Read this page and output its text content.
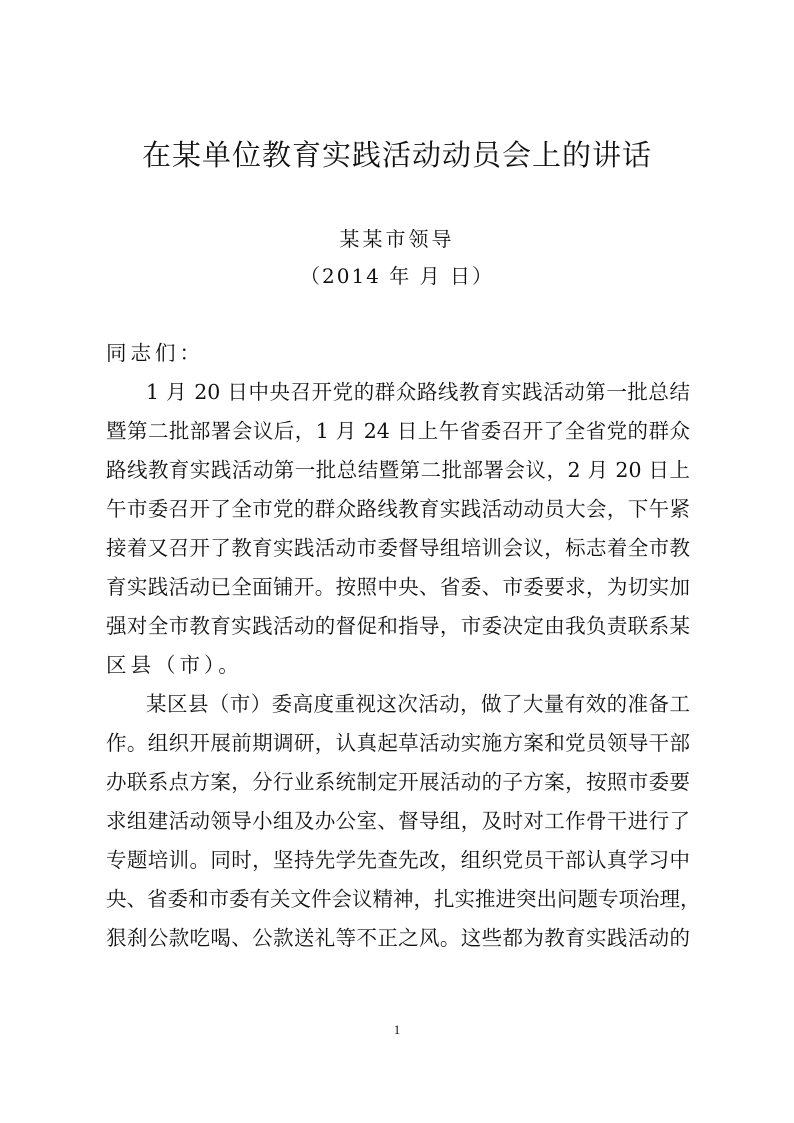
在某单位教育实践活动动员会上的讲话
某某市领导
（2014 年 月 日）
同志们：
1 月 20 日中央召开党的群众路线教育实践活动第一批总结
暨第二批部署会议后，1 月 24 日上午省委召开了全省党的群众
路线教育实践活动第一批总结暨第二批部署会议，2 月 20 日上
午市委召开了全市党的群众路线教育实践活动动员大会，下午紧
接着又召开了教育实践活动市委督导组培训会议，标志着全市教
育实践活动已全面铺开。按照中央、省委、市委要求，为切实加
强对全市教育实践活动的督促和指导，市委决定由我负责联系某
区县（市）。
某区县（市）委高度重视这次活动，做了大量有效的准备工
作。组织开展前期调研，认真起草活动实施方案和党员领导干部
办联系点方案，分行业系统制定开展活动的子方案，按照市委要
求组建活动领导小组及办公室、督导组，及时对工作骨干进行了
专题培训。同时，坚持先学先查先改，组织党员干部认真学习中
央、省委和市委有关文件会议精神，扎实推进突出问题专项治理，
狠刹公款吃喝、公款送礼等不正之风。这些都为教育实践活动的
1
